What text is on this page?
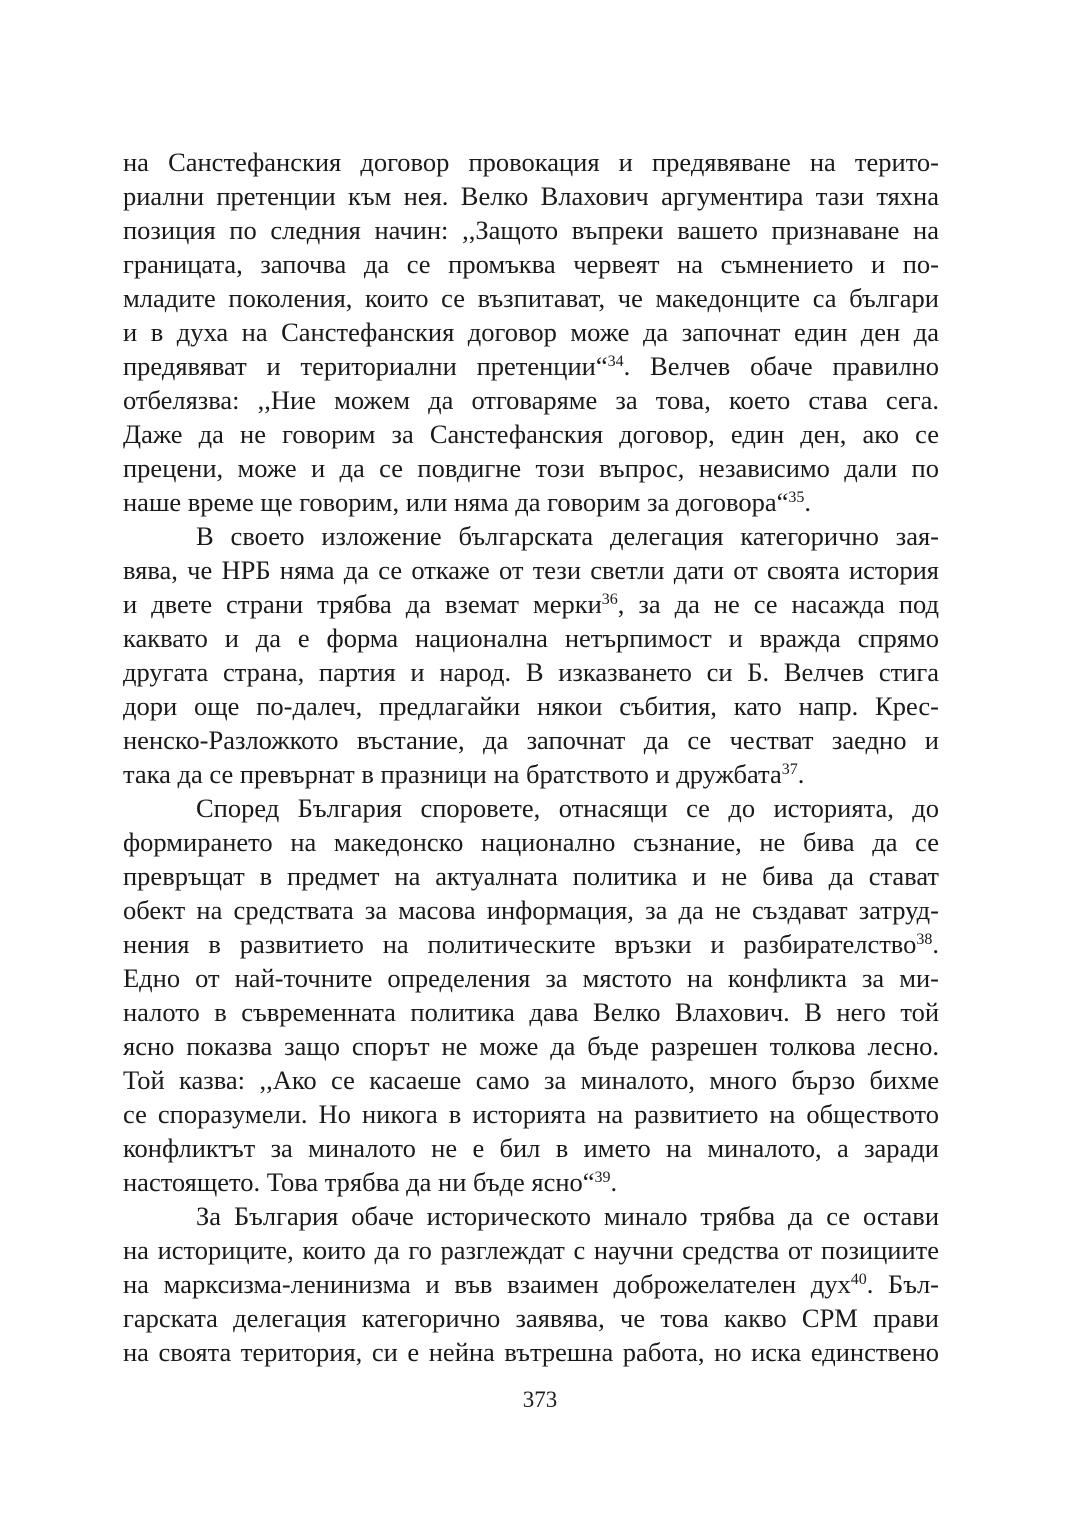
на Санстефанския договор провокация и предявяване на терито-
риални претенции към нея. Велко Влахович аргументира тази тяхна
позиция по следния начин: ,,Защото въпреки вашето признаване на
границата, започва да се промъква червеят на съмнението и по-
младите поколения, които се възпитават, че македонците са българи
и в духа на Санстефанския договор може да започнат един ден да
предявяват и териториални претенции“$^{34}$. Велчев обаче правилно
отбелязва: ,,Ние можем да отговаряме за това, което става сега.
Даже да не говорим за Санстефанския договор, един ден, ако се
прецени, може и да се повдигне този въпрос, независимо дали по
наше време ще говорим, или няма да говорим за договора“$^{35}$.

В своето изложение българската делегация категорично зая-
вява, че НРБ няма да се откаже от тези светли дати от своята история
и двете страни трябва да вземат мерки$^{36}$, за да не се насажда под
каквато и да е форма национална нетърпимост и вражда спрямо
другата страна, партия и народ. В изказването си Б. Велчев стига
дори още по-далеч, предлагайки някои събития, като напр. Крес-
ненско-Разложкото въстание, да започнат да се честват заедно и
така да се превърнат в празници на братството и дружбата$^{37}$.

Според България споровете, отнасящи се до историята, до
формирането на македонско национално съзнание, не бива да се
превръщат в предмет на актуалната политика и не бива да стават
обект на средствата за масова информация, за да не създават затруд-
нения в развитието на политическите връзки и разбирателство$^{38}$.
Едно от най-точните определения за мястото на конфликта за ми-
налото в съвременната политика дава Велко Влахович. В него той
ясно показва защо спорът не може да бъде разрешен толкова лесно.
Той казва: ,,Ако се касаеше само за миналото, много бързо бихме
се споразумели. Но никога в историята на развитието на обществото
конфликтът за миналото не е бил в името на миналото, а заради
настоящето. Това трябва да ни бъде ясно“$^{39}$.

За България обаче историческото минало трябва да се остави
на историците, които да го разглеждат с научни средства от позициите
на марксизма-ленинизма и във взаимен доброжелателен дух$^{40}$. Бъл-
гарската делегация категорично заявява, че това какво СРМ прави
на своята територия, си е нейна вътрешна работа, но иска единствено

373
